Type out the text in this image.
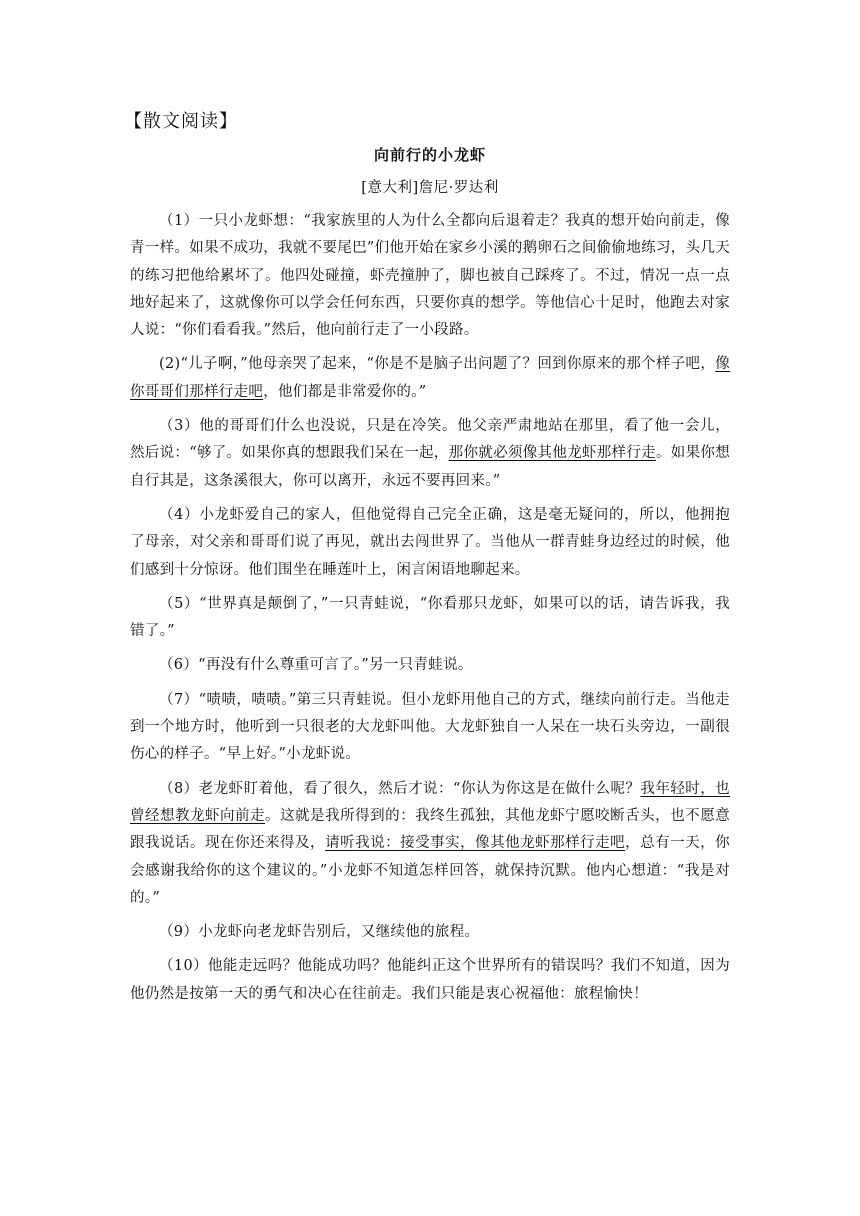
【散文阅读】
向前行的小龙虾
[意大利]詹尼·罗达利

（1）一只小龙虾想：“我家族里的人为什么全都向后退着走？我真的想开始向前走，像青一样。如果不成功，我就不要尾巴”们他开始在家乡小溪的鹅卵石之间偷偷地练习，头几天的练习把他给累坏了。他四处碰撞，虾壳撞肿了，脚也被自己踩疼了。不过，情况一点一点地好起来了，这就像你可以学会任何东西，只要你真的想学。等他信心十足时，他跑去对家人说：“你们看看我。”然后，他向前行走了一小段路。

(2)“儿子啊，”他母亲哭了起来，“你是不是脑子出问题了？回到你原来的那个样子吧，像你哥哥们那样行走吧，他们都是非常爱你的。”

（3）他的哥哥们什么也没说，只是在冷笑。他父亲严肃地站在那里，看了他一会儿，然后说：“够了。如果你真的想跟我们呆在一起，那你就必须像其他龙虾那样行走。如果你想自行其是，这条溪很大，你可以离开，永远不要再回来。”

（4）小龙虾爱自己的家人，但他觉得自己完全正确，这是毫无疑问的，所以，他拥抱了母亲，对父亲和哥哥们说了再见，就出去闯世界了。当他从一群青蛙身边经过的时候，他们感到十分惊讶。他们围坐在睡莲叶上，闲言闲语地聊起来。

（5）“世界真是颠倒了，”一只青蛙说，“你看那只龙虾，如果可以的话，请告诉我，我错了。”

（6）“再没有什么尊重可言了。”另一只青蛙说。

（7）“啧啧，啧啧。”第三只青蛙说。但小龙虾用他自己的方式，继续向前行走。当他走到一个地方时，他听到一只很老的大龙虾叫他。大龙虾独自一人呆在一块石头旁边，一副很伤心的样子。“早上好。”小龙虾说。

（8）老龙虾盯着他，看了很久，然后才说：“你认为你这是在做什么呢？我年轻时，也曾经想教龙虾向前走。这就是我所得到的：我终生孤独，其他龙虾宁愿咬断舌头，也不愿意跟我说话。现在你还来得及，请听我说：接受事实，像其他龙虾那样行走吧，总有一天，你会感谢我给你的这个建议的。”小龙虾不知道怎样回答，就保持沉默。他内心想道：“我是对的。”

（9）小龙虾向老龙虾告别后，又继续他的旅程。

（10）他能走远吗？他能成功吗？他能纠正这个世界所有的错误吗？我们不知道，因为他仍然是按第一天的勇气和决心在往前走。我们只能是衷心祝福他：旅程愉快！
